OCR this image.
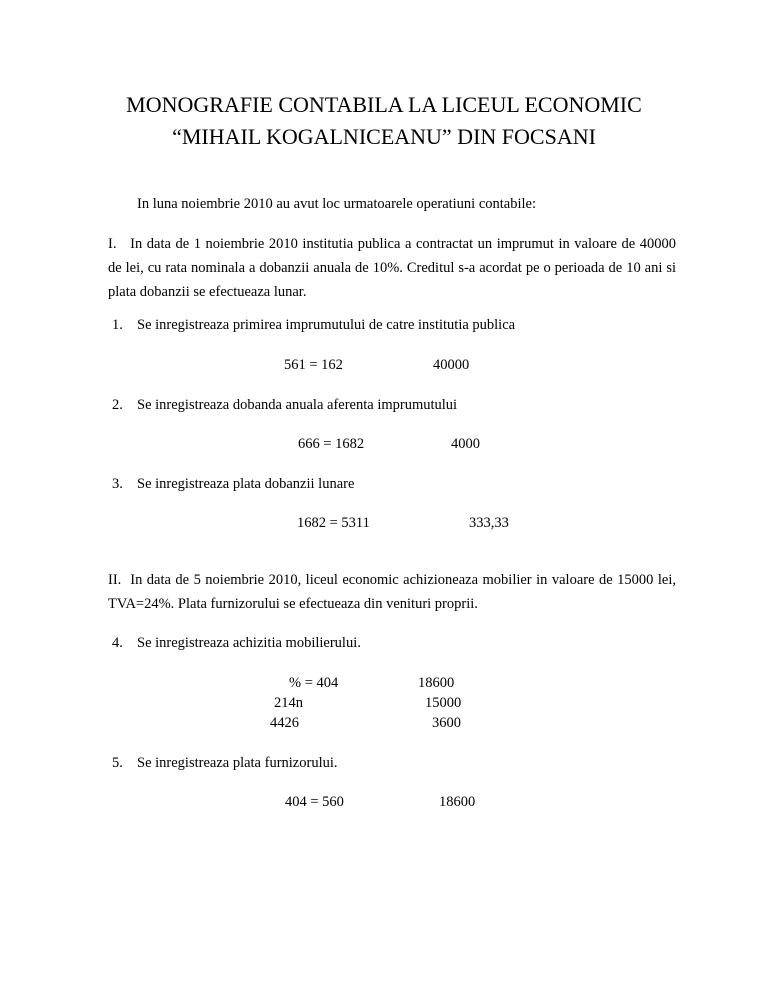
MONOGRAFIE CONTABILA LA LICEUL ECONOMIC
“MIHAIL KOGALNICEANU” DIN FOCSANI
In luna noiembrie 2010 au avut loc urmatoarele operatiuni contabile:
I. In data de 1 noiembrie 2010 institutia publica a contractat un imprumut in valoare de 40000 de lei, cu rata nominala a dobanzii anuala de 10%. Creditul s-a acordat pe o perioada de 10 ani si plata dobanzii se efectueaza lunar.
1. Se inregistreaza primirea imprumutului de catre institutia publica
561 = 162	40000
2. Se inregistreaza dobanda anuala aferenta imprumutului
666 = 1682	4000
3. Se inregistreaza plata dobanzii lunare
1682 = 5311	333,33
II. In data de 5 noiembrie 2010, liceul economic achizioneaza mobilier in valoare de 15000 lei, TVA=24%. Plata furnizorului se efectueaza din venituri proprii.
4. Se inregistreaza achizitia mobilierului.
% = 404	18600
214n	15000
4426	3600
5. Se inregistreaza plata furnizorului.
404 = 560	18600
